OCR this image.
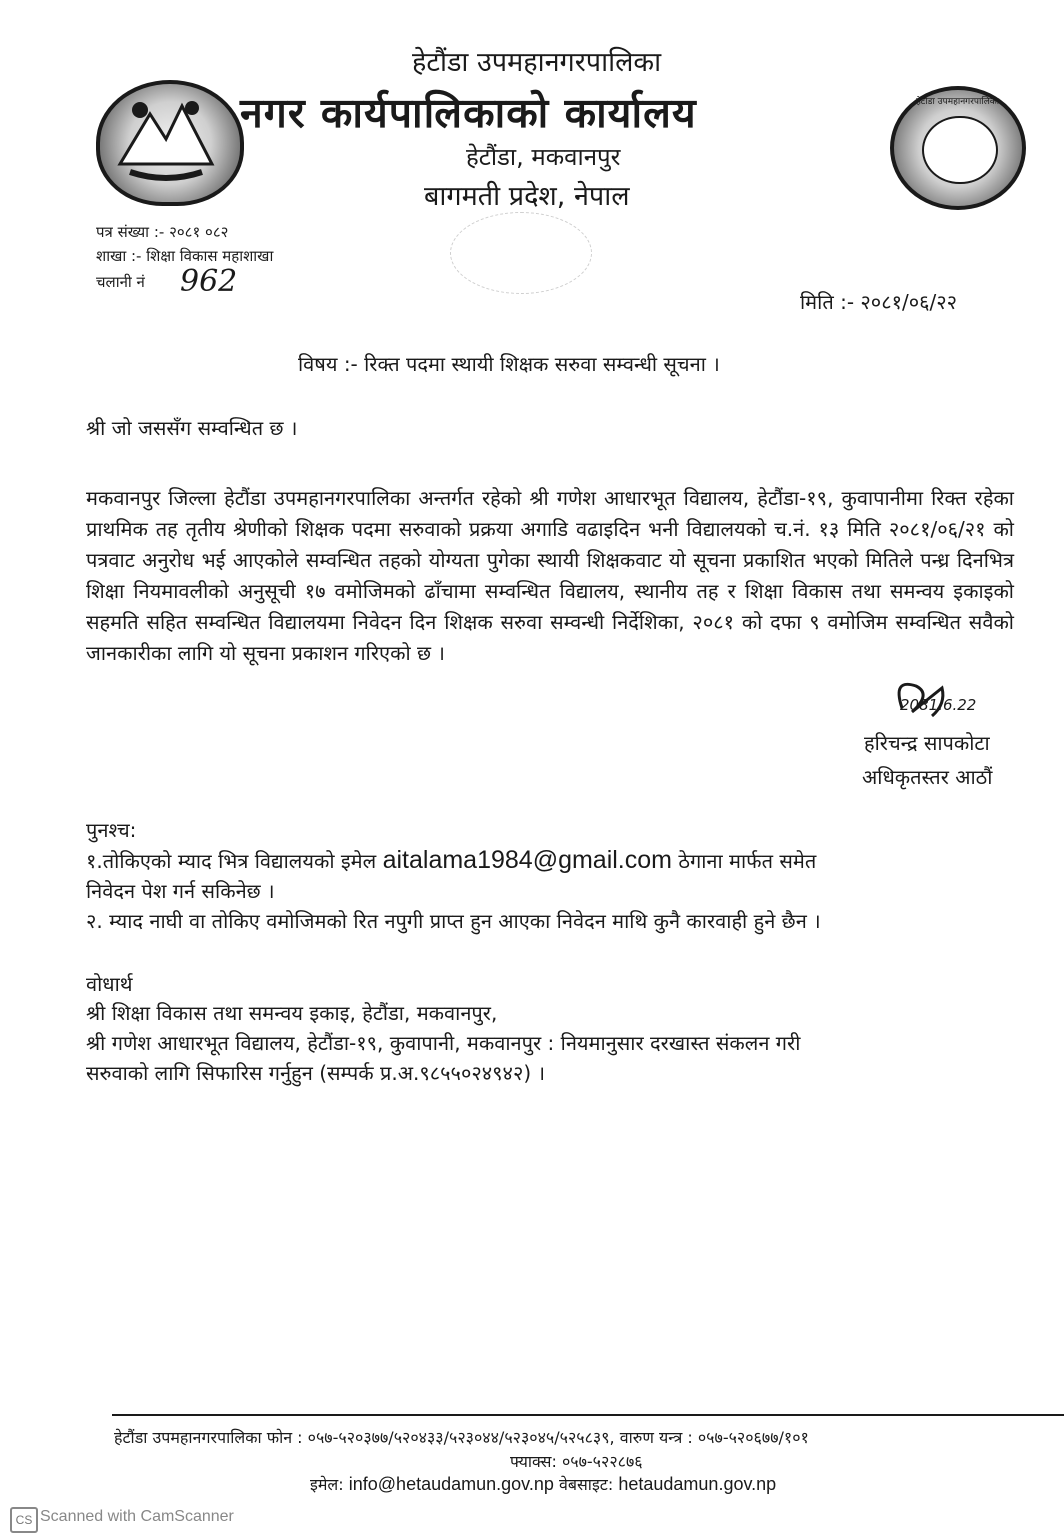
हेटौंडा उपमहानगरपालिका
हेटौंडा उपमहानगरपालिका
नगर कार्यपालिकाको कार्यालय
हेटौंडा, मकवानपुर
बागमती प्रदेश, नेपाल
पत्र संख्या :- २०८१ ०८२
शाखा :- शिक्षा विकास महाशाखा
चलानी नं 962
मिति :- २०८१/०६/२२
विषय :- रिक्त पदमा स्थायी शिक्षक सरुवा सम्वन्धी सूचना ।
श्री जो जससँग सम्वन्धित छ ।

मकवानपुर जिल्ला हेटौंडा उपमहानगरपालिका अन्तर्गत रहेको श्री गणेश आधारभूत विद्यालय, हेटौंडा-१९, कुवापानीमा रिक्त रहेका प्राथमिक तह तृतीय श्रेणीको शिक्षक पदमा सरुवाको प्रक्रया अगाडि वढाइदिन भनी विद्यालयको च.नं. १३ मिति २०८१/०६/२१ को पत्रवाट अनुरोध भई आएकोले सम्वन्धित तहको योग्यता पुगेका स्थायी शिक्षकवाट यो सूचना प्रकाशित भएको मितिले पन्ध्र दिनभित्र शिक्षा नियमावलीको अनुसूची १७ वमोजिमको ढाँचामा सम्वन्धित विद्यालय, स्थानीय तह र शिक्षा विकास तथा समन्वय इकाइको सहमति सहित सम्वन्धित विद्यालयमा निवेदन दिन शिक्षक सरुवा सम्वन्धी निर्देशिका, २०८१ को दफा ९ वमोजिम सम्वन्धित सवैको जानकारीका लागि यो सूचना प्रकाशन गरिएको छ ।

2081.6.22
हरिचन्द्र सापकोटा
अधिकृतस्तर आठौं
पुनश्च:
१.तोकिएको म्याद भित्र विद्यालयको इमेल aitalama1984@gmail.com ठेगाना मार्फत समेत
निवेदन पेश गर्न सकिनेछ ।
२. म्याद नाघी वा तोकिए वमोजिमको रित नपुगी प्राप्त हुन आएका निवेदन माथि कुनै कारवाही हुने छैन ।
वोधार्थ
श्री शिक्षा विकास तथा समन्वय इकाइ, हेटौंडा, मकवानपुर,
श्री गणेश आधारभूत विद्यालय, हेटौंडा-१९, कुवापानी, मकवानपुर : नियमानुसार दरखास्त संकलन गरी
सरुवाको लागि सिफारिस गर्नुहुन (सम्पर्क प्र.अ.९८५५०२४९४२) ।
हेटौंडा उपमहानगरपालिका फोन : ०५७-५२०३७७/५२०४३३/५२३०४४/५२३०४५/५२५८३९, वारुण यन्त्र : ०५७-५२०६७७/१०१
फ्याक्स: ०५७-५२२८७६
इमेल: info@hetaudamun.gov.np वेबसाइट: hetaudamun.gov.np
CS Scanned with CamScanner
